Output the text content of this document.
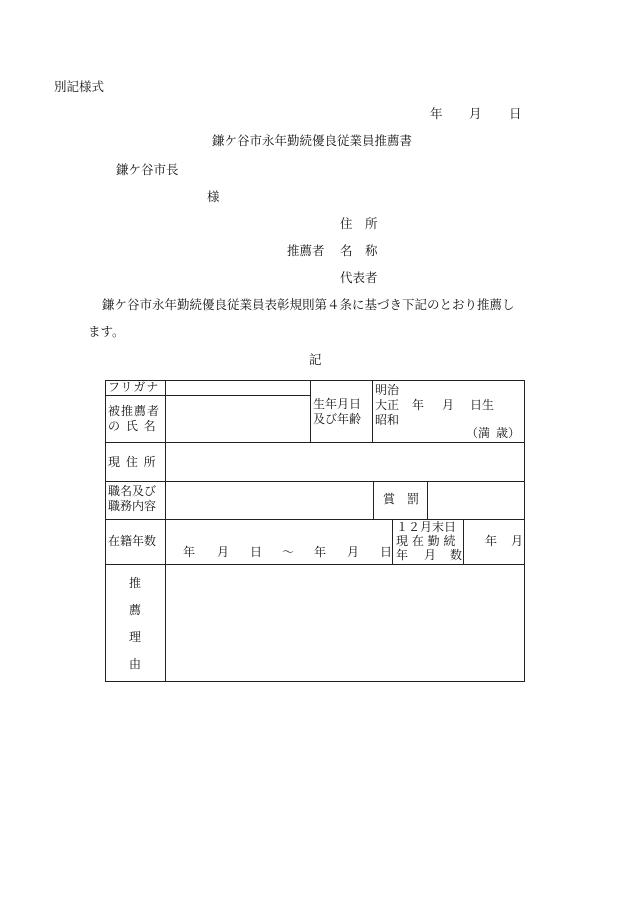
別記様式
年 月 日
鎌ケ谷市永年勤続優良従業員推薦書
鎌ケ谷市長
様
住　所
推薦者 名　称
代表者
鎌ケ谷市永年勤続優良従業員表彰規則第４条に基づき下記のとおり推薦し
ます。
記
フリガナ
被推薦者
の 氏 名
生年月日
及び年齢
明治
大正
昭和
年 月 日生
（満 歳）
現 住 所
職名及び
職務内容	賞　罰
在籍年数
年 月 日 ～ 年 月 日
１２月末日
現 在 勤 続
年 月 数
年 月
推
薦
理
由
